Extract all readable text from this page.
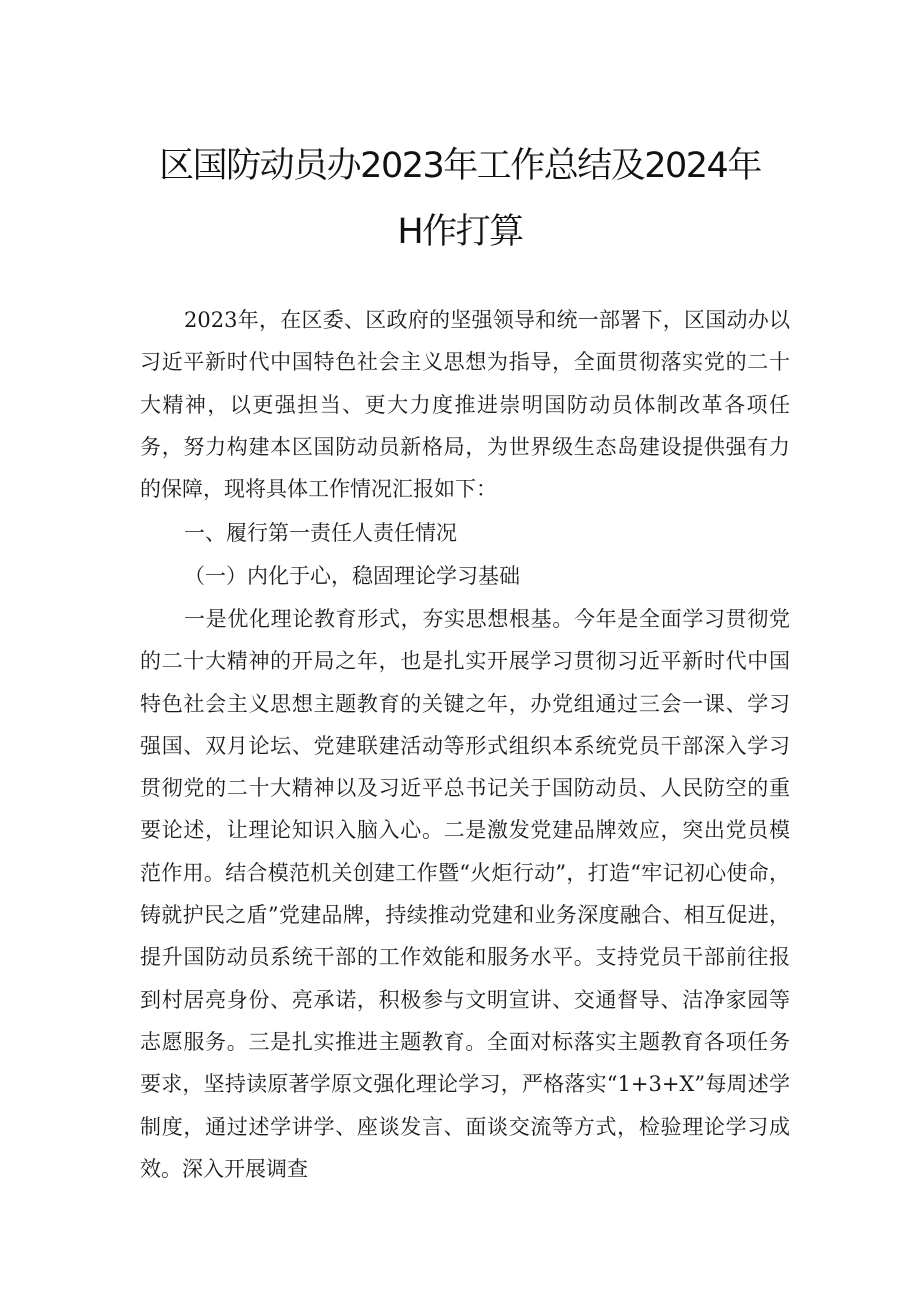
区国防动员办2023年工作总结及2024年
H作打算

2023年，在区委、区政府的坚强领导和统一部署下，区国动办以习近平新时代中国特色社会主义思想为指导，全面贯彻落实党的二十大精神，以更强担当、更大力度推进崇明国防动员体制改革各项任务，努力构建本区国防动员新格局，为世界级生态岛建设提供强有力的保障，现将具体工作情况汇报如下：

一、履行第一责任人责任情况

（一）内化于心，稳固理论学习基础

一是优化理论教育形式，夯实思想根基。今年是全面学习贯彻党的二十大精神的开局之年，也是扎实开展学习贯彻习近平新时代中国特色社会主义思想主题教育的关键之年，办党组通过三会一课、学习强国、双月论坛、党建联建活动等形式组织本系统党员干部深入学习贯彻党的二十大精神以及习近平总书记关于国防动员、人民防空的重要论述，让理论知识入脑入心。二是激发党建品牌效应，突出党员模范作用。结合模范机关创建工作暨“火炬行动”，打造“牢记初心使命，铸就护民之盾”党建品牌，持续推动党建和业务深度融合、相互促进，提升国防动员系统干部的工作效能和服务水平。支持党员干部前往报到村居亮身份、亮承诺，积极参与文明宣讲、交通督导、洁净家园等志愿服务。三是扎实推进主题教育。全面对标落实主题教育各项任务要求，坚持读原著学原文强化理论学习，严格落实“1+3+X”每周述学制度，通过述学讲学、座谈发言、面谈交流等方式，检验理论学习成效。深入开展调查
